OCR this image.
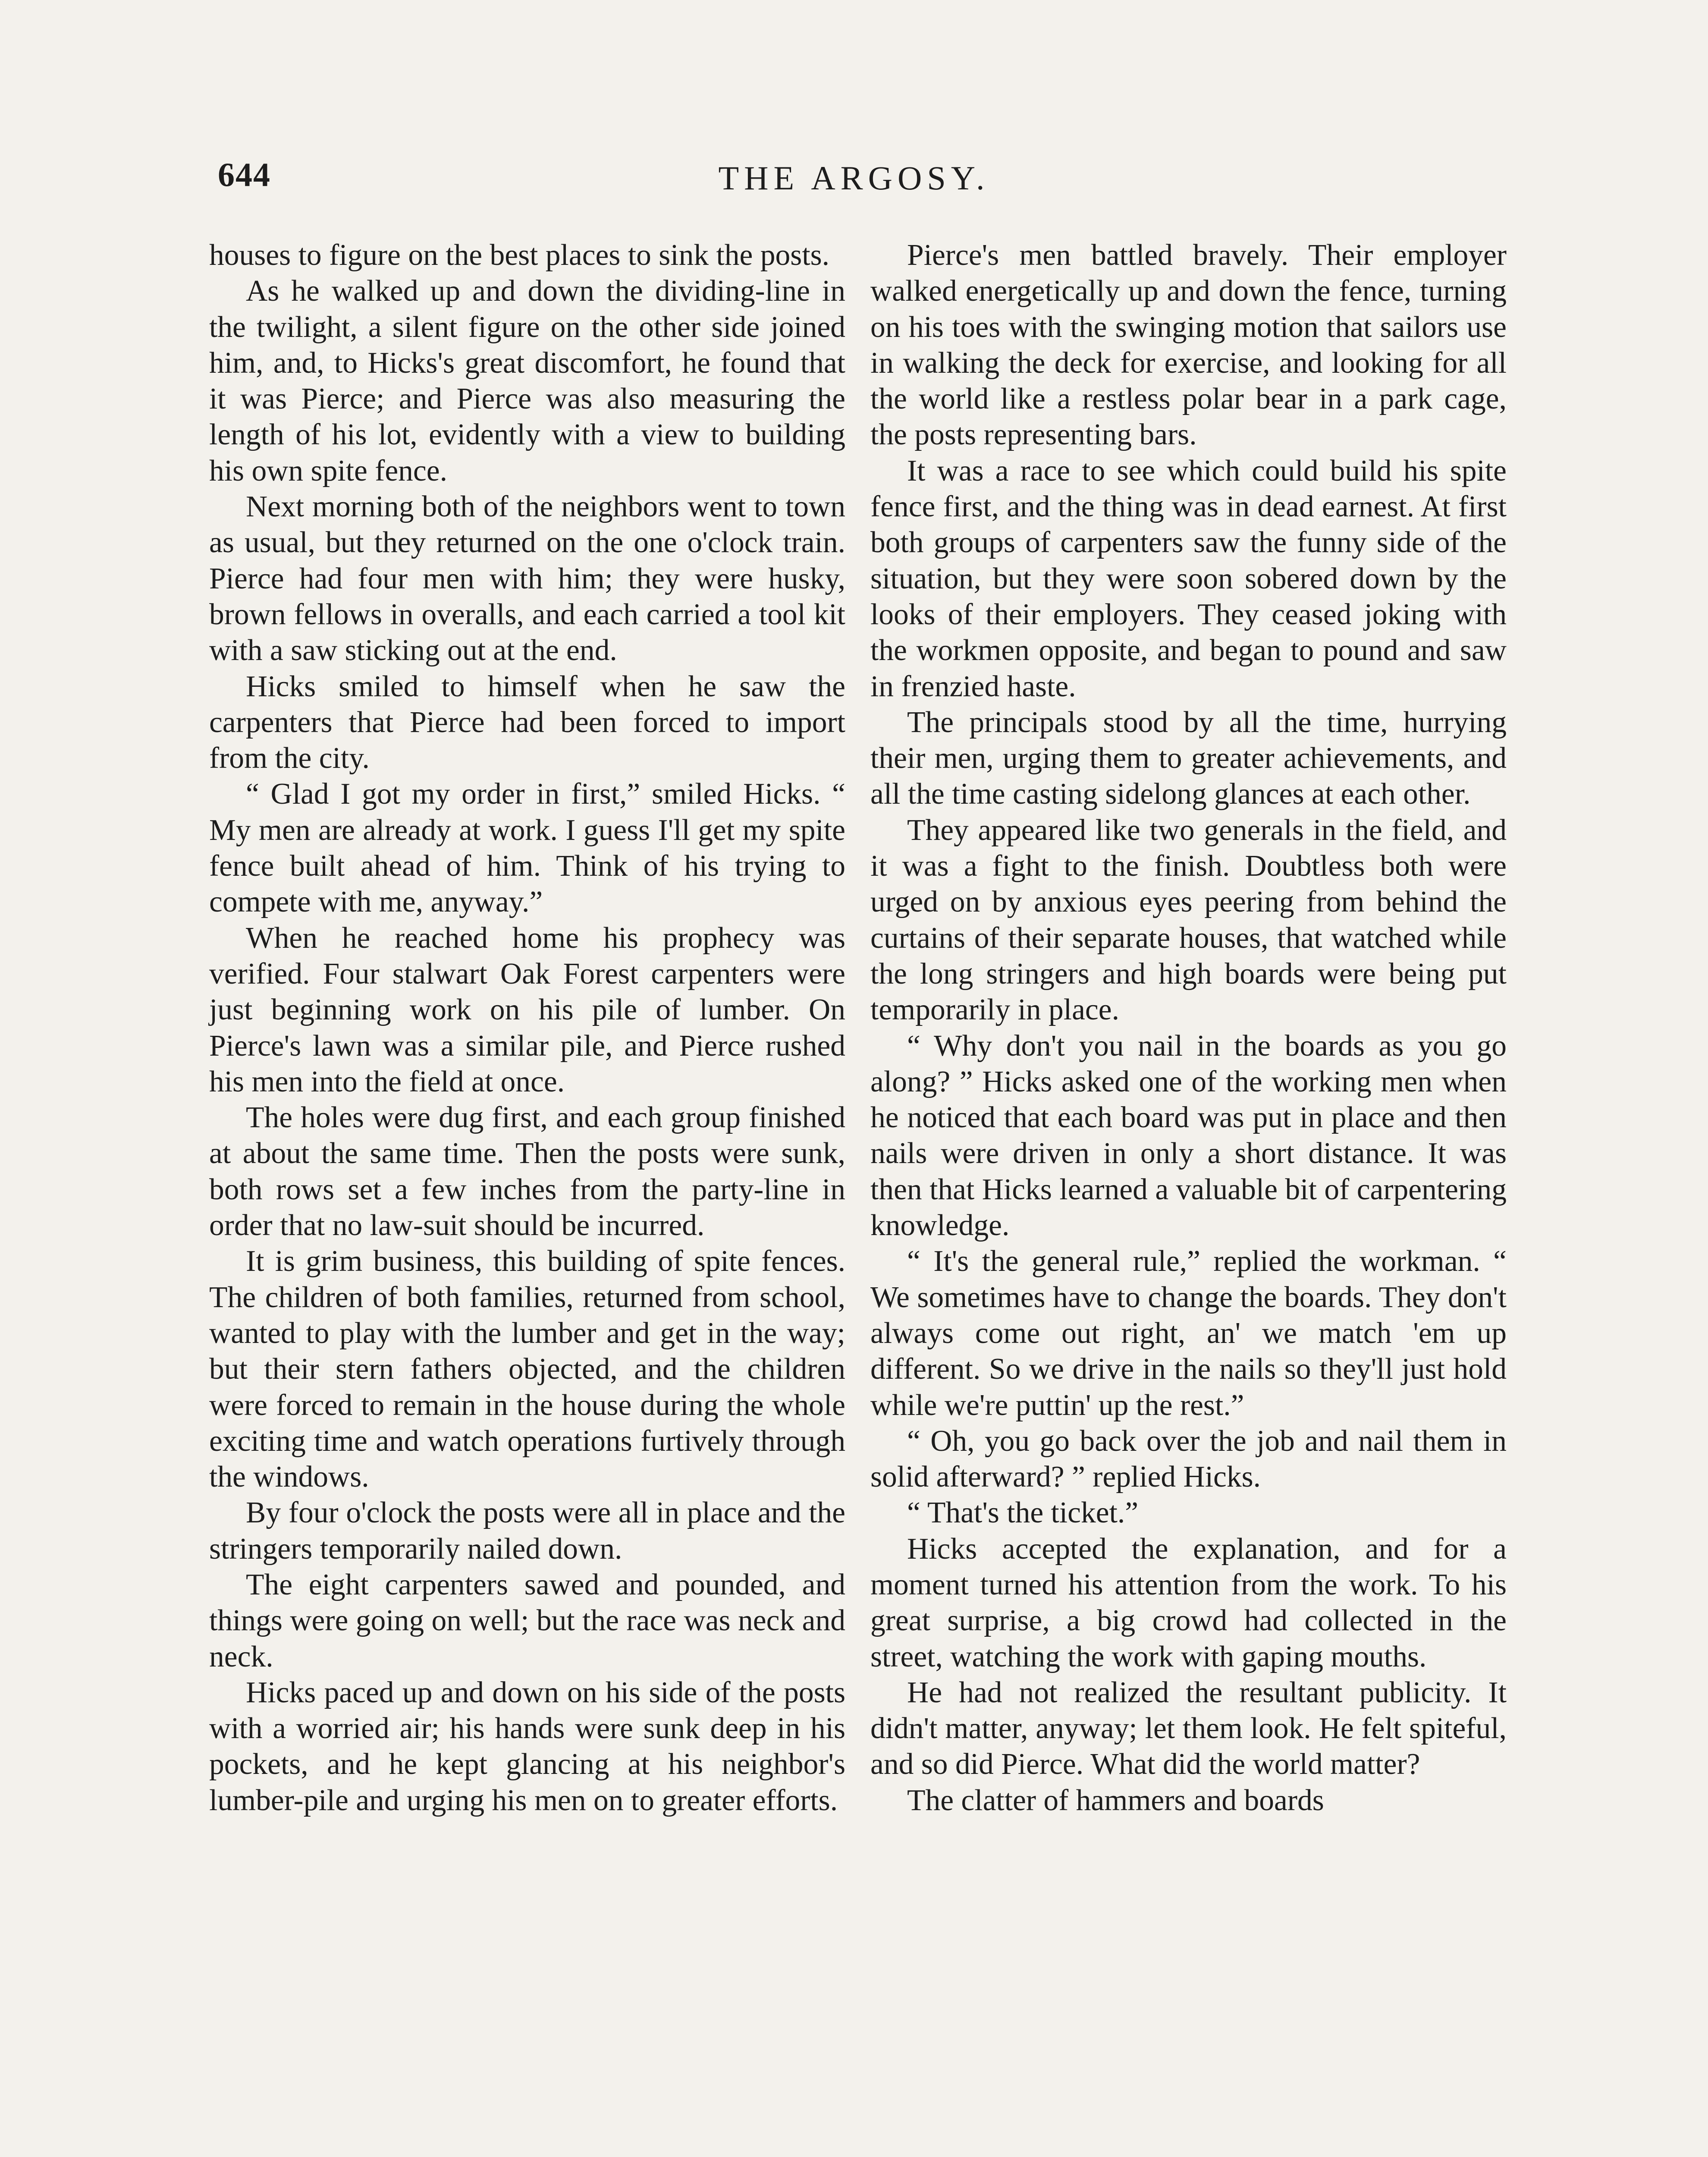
644	THE ARGOSY.

houses to figure on the best places to sink the posts.

As he walked up and down the dividing-line in the twilight, a silent figure on the other side joined him, and, to Hicks's great discomfort, he found that it was Pierce; and Pierce was also measuring the length of his lot, evidently with a view to building his own spite fence.

Next morning both of the neighbors went to town as usual, but they returned on the one o'clock train. Pierce had four men with him; they were husky, brown fellows in overalls, and each carried a tool kit with a saw sticking out at the end.

Hicks smiled to himself when he saw the carpenters that Pierce had been forced to import from the city.

“ Glad I got my order in first,” smiled Hicks. “ My men are already at work. I guess I'll get my spite fence built ahead of him. Think of his trying to compete with me, anyway.”

When he reached home his prophecy was verified. Four stalwart Oak Forest carpenters were just beginning work on his pile of lumber. On Pierce's lawn was a similar pile, and Pierce rushed his men into the field at once.

The holes were dug first, and each group finished at about the same time. Then the posts were sunk, both rows set a few inches from the party-line in order that no law-suit should be incurred.

It is grim business, this building of spite fences. The children of both families, returned from school, wanted to play with the lumber and get in the way; but their stern fathers objected, and the children were forced to remain in the house during the whole exciting time and watch operations furtively through the windows.

By four o'clock the posts were all in place and the stringers temporarily nailed down.

The eight carpenters sawed and pounded, and things were going on well; but the race was neck and neck.

Hicks paced up and down on his side of the posts with a worried air; his hands were sunk deep in his pockets, and he kept glancing at his neighbor's lumber-pile and urging his men on to greater efforts.

Pierce's men battled bravely. Their employer walked energetically up and down the fence, turning on his toes with the swinging motion that sailors use in walking the deck for exercise, and looking for all the world like a restless polar bear in a park cage, the posts representing bars.

It was a race to see which could build his spite fence first, and the thing was in dead earnest. At first both groups of carpenters saw the funny side of the situation, but they were soon sobered down by the looks of their employers. They ceased joking with the workmen opposite, and began to pound and saw in frenzied haste.

The principals stood by all the time, hurrying their men, urging them to greater achievements, and all the time casting sidelong glances at each other.

They appeared like two generals in the field, and it was a fight to the finish. Doubtless both were urged on by anxious eyes peering from behind the curtains of their separate houses, that watched while the long stringers and high boards were being put temporarily in place.

“ Why don't you nail in the boards as you go along? ” Hicks asked one of the working men when he noticed that each board was put in place and then nails were driven in only a short distance. It was then that Hicks learned a valuable bit of carpentering knowledge.

“ It's the general rule,” replied the workman. “ We sometimes have to change the boards. They don't always come out right, an' we match 'em up different. So we drive in the nails so they'll just hold while we're puttin' up the rest.”

“ Oh, you go back over the job and nail them in solid afterward? ” replied Hicks.

“ That's the ticket.”

Hicks accepted the explanation, and for a moment turned his attention from the work. To his great surprise, a big crowd had collected in the street, watching the work with gaping mouths.

He had not realized the resultant publicity. It didn't matter, anyway; let them look. He felt spiteful, and so did Pierce. What did the world matter?

The clatter of hammers and boards
